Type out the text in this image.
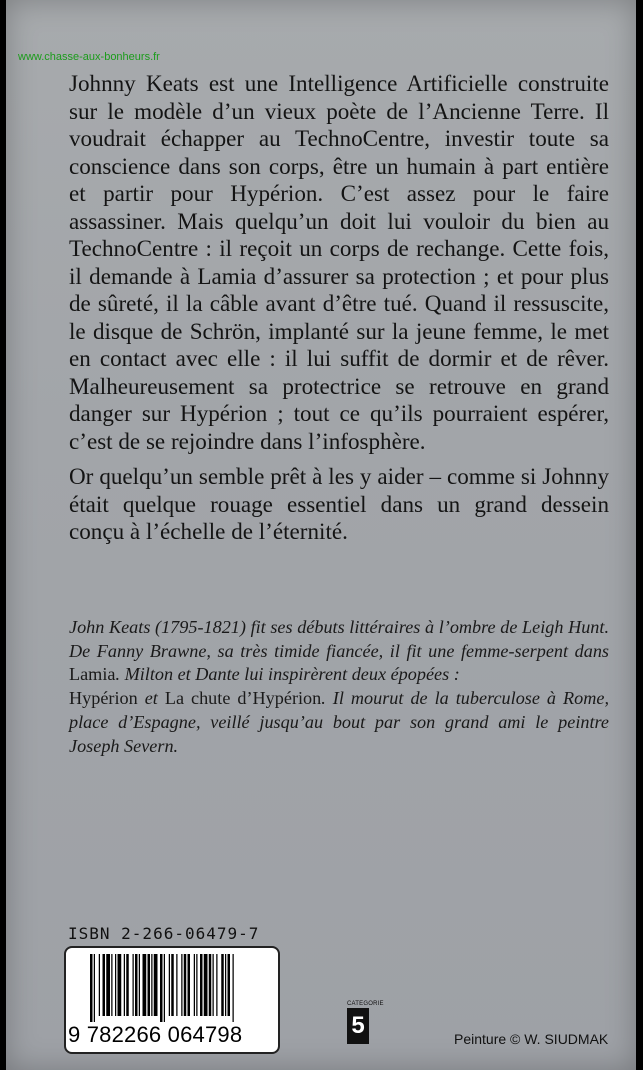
www.chasse-aux-bonheurs.fr

Johnny Keats est une Intelligence Artificielle construite sur le modèle d’un vieux poète de l’Ancienne Terre. Il voudrait échapper au TechnoCentre, investir toute sa conscience dans son corps, être un humain à part entière et partir pour Hypérion. C’est assez pour le faire assassiner. Mais quelqu’un doit lui vouloir du bien au TechnoCentre : il reçoit un corps de rechange. Cette fois, il demande à Lamia d’assurer sa protection ; et pour plus de sûreté, il la câble avant d’être tué. Quand il ressuscite, le disque de Schrön, implanté sur la jeune femme, le met en contact avec elle : il lui suffit de dormir et de rêver. Malheureusement sa protectrice se retrouve en grand danger sur Hypérion ; tout ce qu’ils pourraient espérer, c’est de se rejoindre dans l’infosphère.

Or quelqu’un semble prêt à les y aider – comme si Johnny était quelque rouage essentiel dans un grand dessein conçu à l’échelle de l’éternité.

John Keats (1795-1821) fit ses débuts littéraires à l’ombre de Leigh Hunt. De Fanny Brawne, sa très timide fiancée, il fit une femme-serpent dans Lamia. Milton et Dante lui inspirèrent deux épopées :
Hypérion et La chute d’Hypérion. Il mourut de la tuberculose à Rome, place d’Espagne, veillé jusqu’au bout par son grand ami le peintre Joseph Severn.
ISBN 2-266-06479-7
9 782266 064798
CATEGORIE
5	Peinture © W. SIUDMAK
